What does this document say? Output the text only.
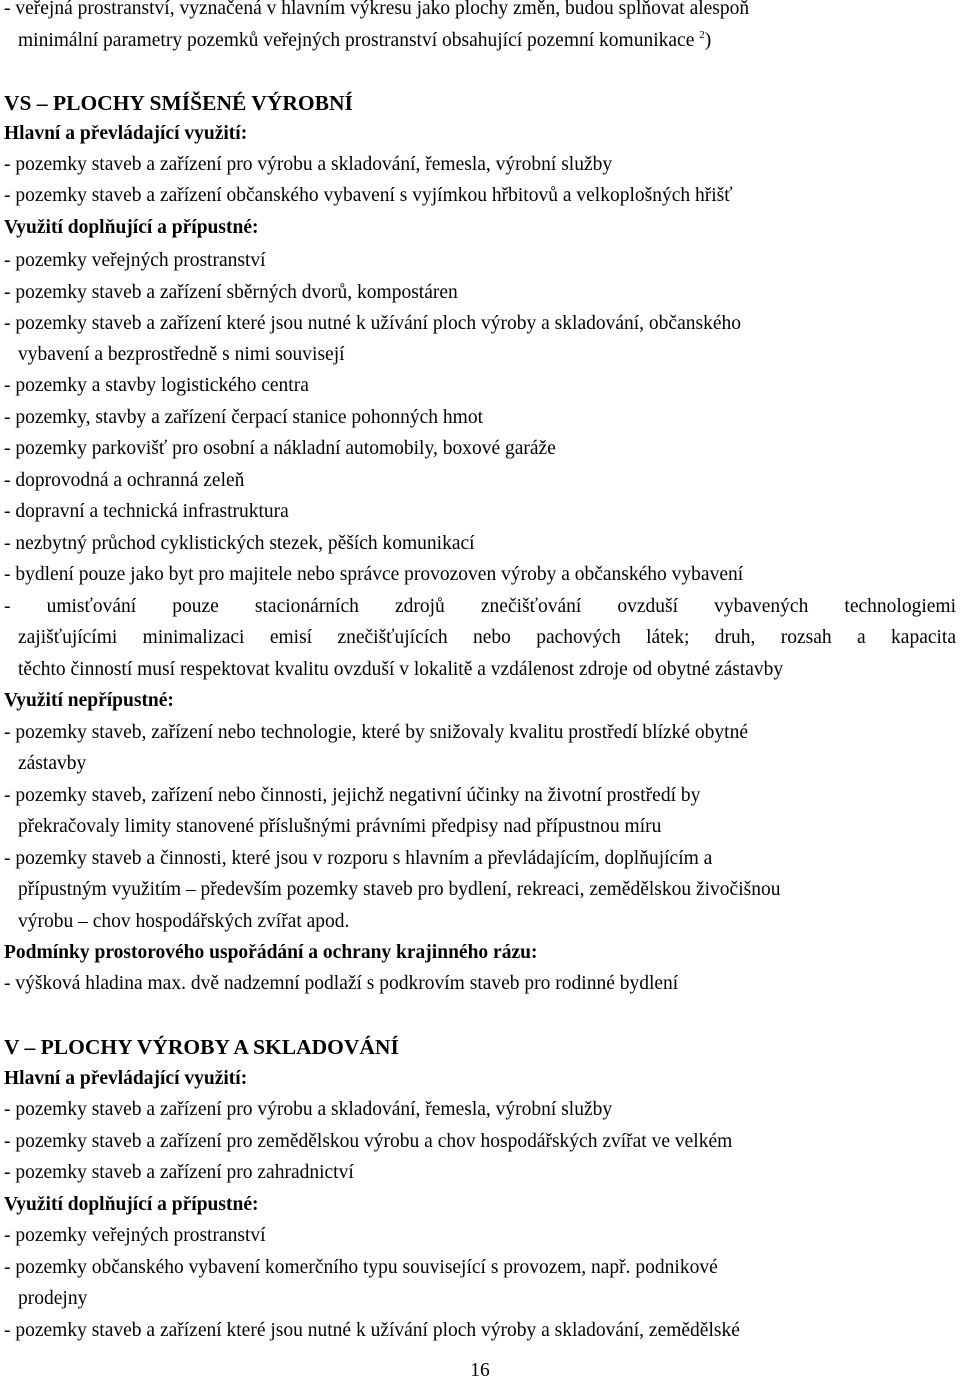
- veřejná prostranství, vyznačená v hlavním výkresu jako plochy změn, budou splňovat alespoň
minimální parametry pozemků veřejných prostranství obsahující pozemní komunikace $^2$)
VS – PLOCHY SMÍŠENÉ VÝROBNÍ
Hlavní a převládající využití:
- pozemky staveb a zařízení pro výrobu a skladování, řemesla, výrobní služby
- pozemky staveb a zařízení občanského vybavení s vyjímkou hřbitovů a velkoplošných hřišť
Využití doplňující a přípustné:
- pozemky veřejných prostranství
- pozemky staveb a zařízení sběrných dvorů, kompostáren
- pozemky staveb a zařízení které jsou nutné k užívání ploch výroby a skladování, občanského
vybavení a bezprostředně s nimi souvisejí
- pozemky a stavby logistického centra
- pozemky, stavby a zařízení čerpací stanice pohonných hmot
- pozemky parkovišť pro osobní a nákladní automobily, boxové garáže
- doprovodná a ochranná zeleň
- dopravní a technická infrastruktura
- nezbytný průchod cyklistických stezek, pěších komunikací
- bydlení pouze jako byt pro majitele nebo správce provozoven výroby a občanského vybavení
- umisťování pouze stacionárních zdrojů znečišťování ovzduší vybavených technologiemi
zajišťujícími minimalizaci emisí znečišťujících nebo pachových látek; druh, rozsah a kapacita
těchto činností musí respektovat kvalitu ovzduší v lokalitě a vzdálenost zdroje od obytné zástavby
Využití nepřípustné:
- pozemky staveb, zařízení nebo technologie, které by snižovaly kvalitu prostředí blízké obytné
zástavby
- pozemky staveb, zařízení nebo činnosti, jejichž negativní účinky na životní prostředí by
překračovaly limity stanovené příslušnými právními předpisy nad přípustnou míru
- pozemky staveb a činnosti, které jsou v rozporu s hlavním a převládajícím, doplňujícím a
přípustným využitím – především pozemky staveb pro bydlení, rekreaci, zemědělskou živočišnou
výrobu – chov hospodářských zvířat apod.
Podmínky prostorového uspořádání a ochrany krajinného rázu:
- výšková hladina max. dvě nadzemní podlaží s podkrovím staveb pro rodinné bydlení
V – PLOCHY VÝROBY A SKLADOVÁNÍ
Hlavní a převládající využití:
- pozemky staveb a zařízení pro výrobu a skladování, řemesla, výrobní služby
- pozemky staveb a zařízení pro zemědělskou výrobu a chov hospodářských zvířat ve velkém
- pozemky staveb a zařízení pro zahradnictví
Využití doplňující a přípustné:
- pozemky veřejných prostranství
- pozemky občanského vybavení komerčního typu související s provozem, např. podnikové
prodejny
- pozemky staveb a zařízení které jsou nutné k užívání ploch výroby a skladování, zemědělské
16
